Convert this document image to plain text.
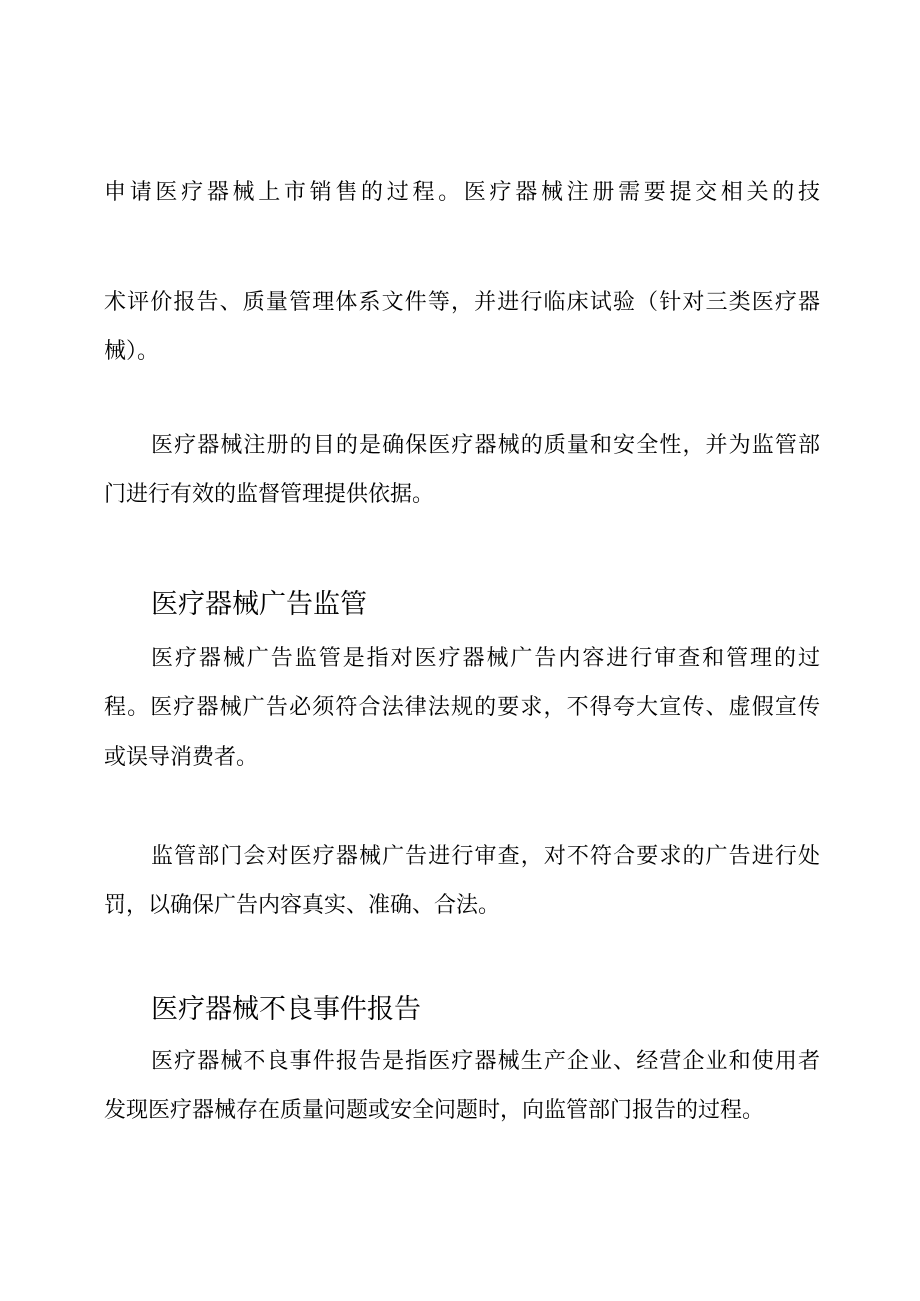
申请医疗器械上市销售的过程。医疗器械注册需要提交相关的技
术评价报告、质量管理体系文件等，并进行临床试验（针对三类医疗器
械）。
医疗器械注册的目的是确保医疗器械的质量和安全性，并为监管部
门进行有效的监督管理提供依据。
医疗器械广告监管
医疗器械广告监管是指对医疗器械广告内容进行审查和管理的过
程。医疗器械广告必须符合法律法规的要求，不得夸大宣传、虚假宣传
或误导消费者。
监管部门会对医疗器械广告进行审查，对不符合要求的广告进行处
罚，以确保广告内容真实、准确、合法。
医疗器械不良事件报告
医疗器械不良事件报告是指医疗器械生产企业、经营企业和使用者
发现医疗器械存在质量问题或安全问题时，向监管部门报告的过程。
